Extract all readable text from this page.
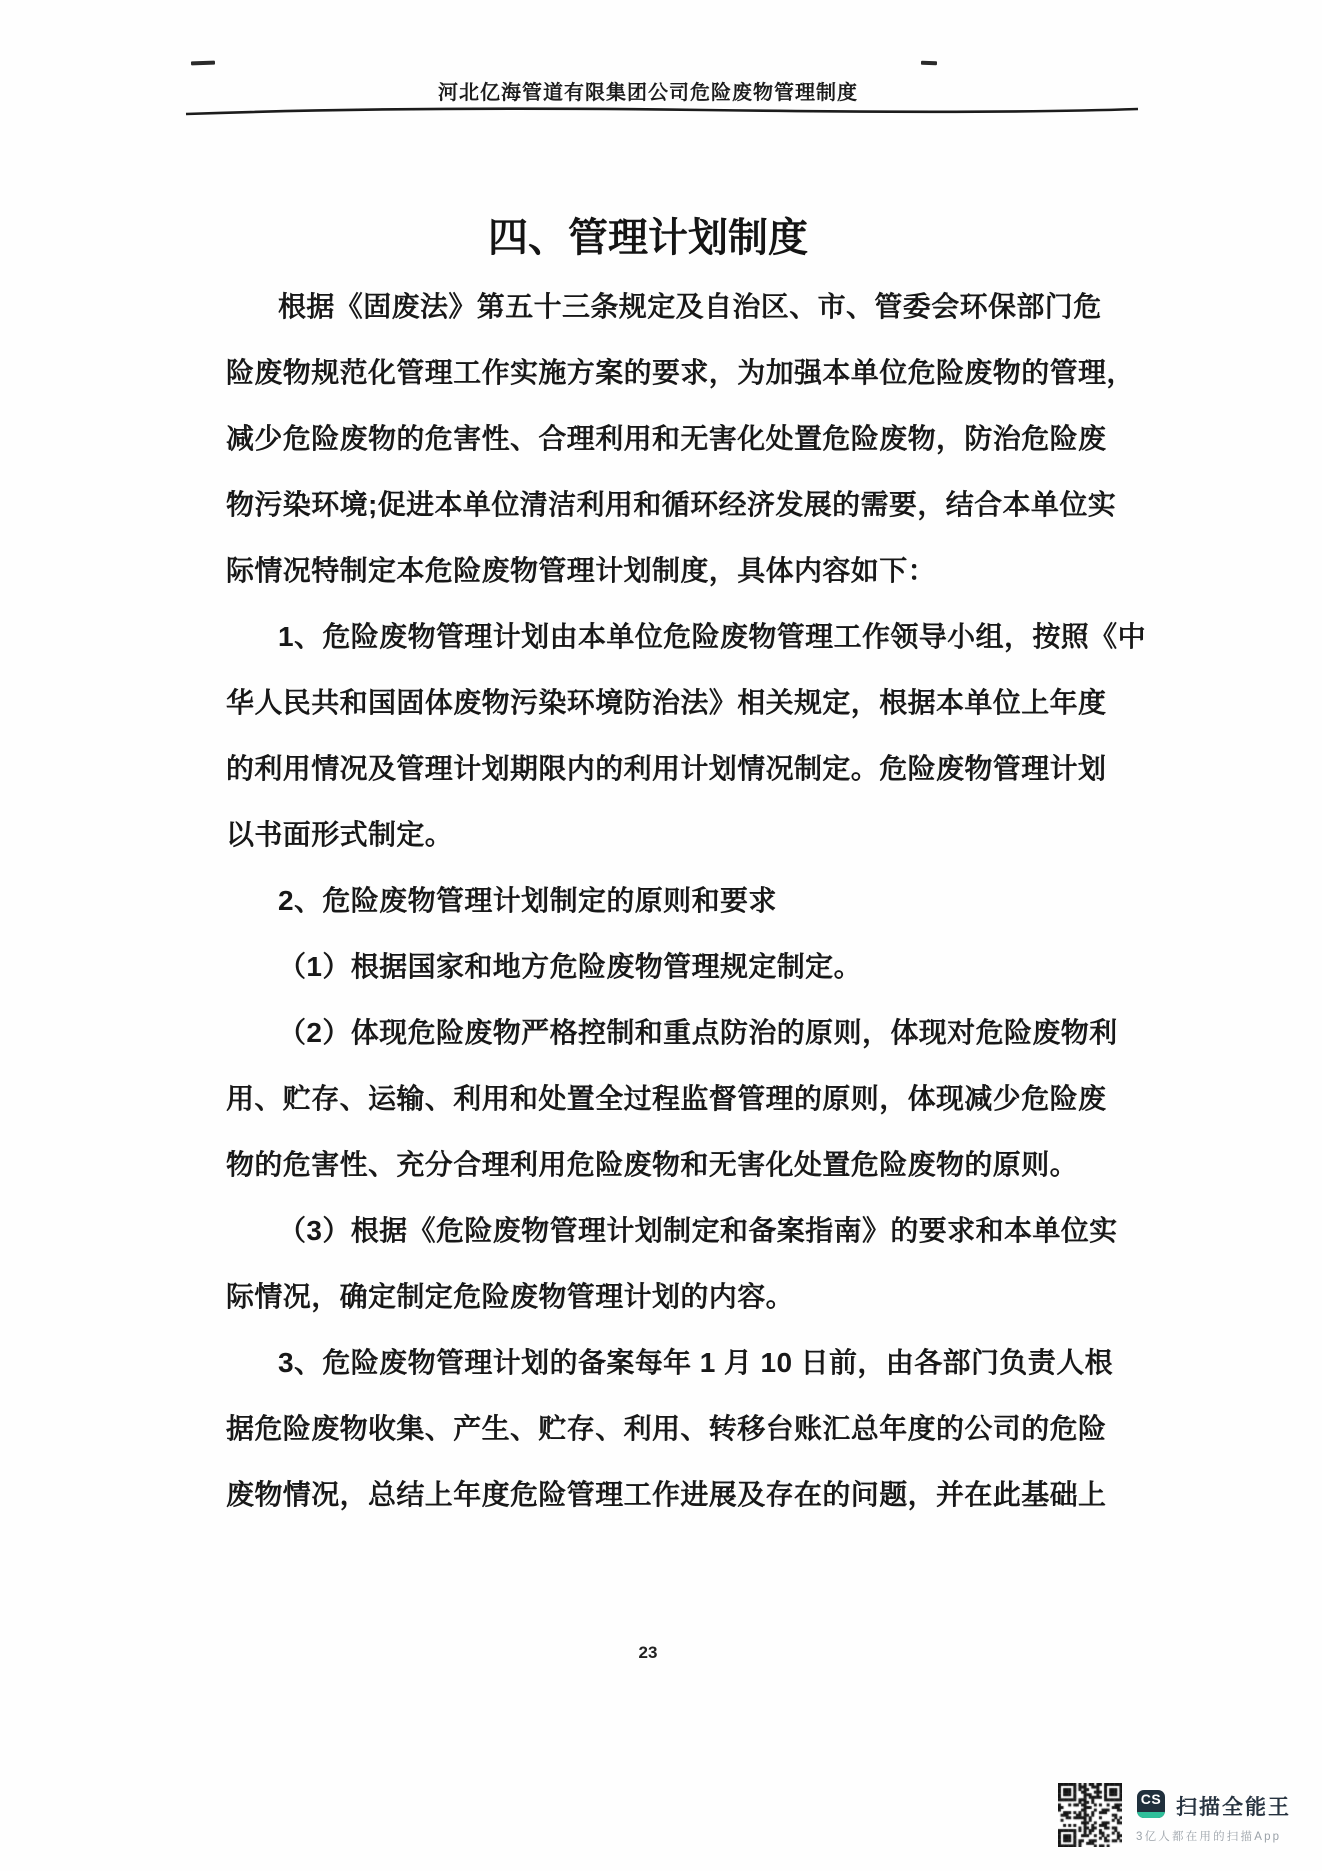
河北亿海管道有限集团公司危险废物管理制度
四、管理计划制度
根据《固废法》第五十三条规定及自治区、市、管委会环保部门危
险废物规范化管理工作实施方案的要求，为加强本单位危险废物的管理，
减少危险废物的危害性、合理利用和无害化处置危险废物，防治危险废
物污染环境;促进本单位清洁利用和循环经济发展的需要，结合本单位实
际情况特制定本危险废物管理计划制度，具体内容如下：
1、危险废物管理计划由本单位危险废物管理工作领导小组，按照《中
华人民共和国固体废物污染环境防治法》相关规定，根据本单位上年度
的利用情况及管理计划期限内的利用计划情况制定。危险废物管理计划
以书面形式制定。
2、危险废物管理计划制定的原则和要求
（1）根据国家和地方危险废物管理规定制定。
（2）体现危险废物严格控制和重点防治的原则，体现对危险废物利
用、贮存、运输、利用和处置全过程监督管理的原则，体现减少危险废
物的危害性、充分合理利用危险废物和无害化处置危险废物的原则。
（3）根据《危险废物管理计划制定和备案指南》的要求和本单位实
际情况，确定制定危险废物管理计划的内容。
3、危险废物管理计划的备案每年 1 月 10 日前，由各部门负责人根
据危险废物收集、产生、贮存、利用、转移台账汇总年度的公司的危险
废物情况，总结上年度危险管理工作进展及存在的问题，并在此基础上
23
CS 扫描全能王
3亿人都在用的扫描App
